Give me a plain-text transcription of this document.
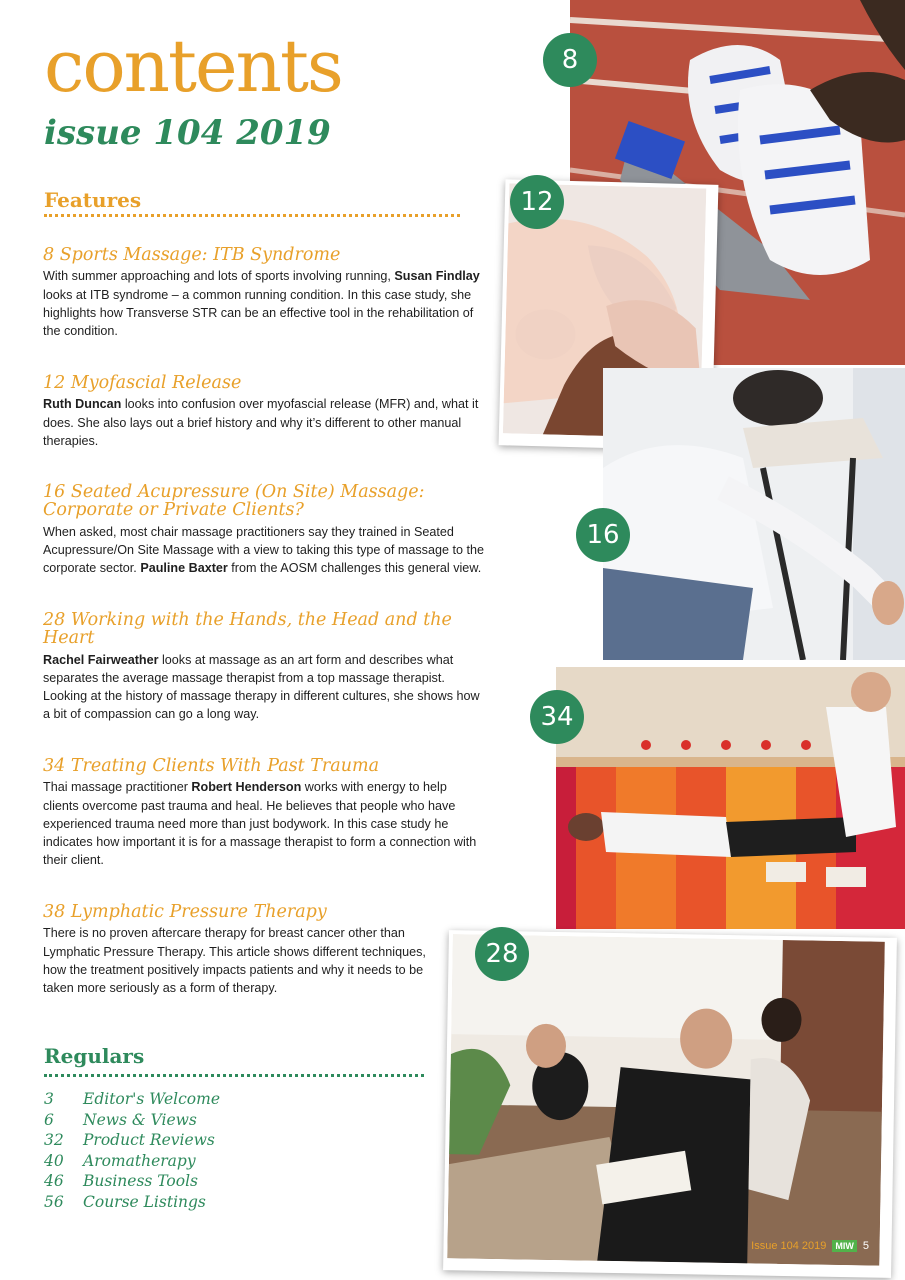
contents
issue 104 2019
Features
8 Sports Massage: ITB Syndrome

With summer approaching and lots of sports involving running, Susan Findlay looks at ITB syndrome – a common running condition. In this case study, she highlights how Transverse STR can be an effective tool in the rehabilitation of the condition.

12 Myofascial Release

Ruth Duncan looks into confusion over myofascial release (MFR) and, what it does. She also lays out a brief history and why it’s different to other manual therapies.

16 Seated Acupressure (On Site) Massage: Corporate or Private Clients?

When asked, most chair massage practitioners say they trained in Seated Acupressure/On Site Massage with a view to taking this type of massage to the corporate sector. Pauline Baxter from the AOSM challenges this general view.

28 Working with the Hands, the Head and the Heart

Rachel Fairweather looks at massage as an art form and describes what separates the average massage therapist from a top massage therapist. Looking at the history of massage therapy in different cultures, she shows how a bit of compassion can go a long way.

34 Treating Clients With Past Trauma

Thai massage practitioner Robert Henderson works with energy to help clients overcome past trauma and heal. He believes that people who have experienced trauma need more than just bodywork. In this case study he indicates how important it is for a massage therapist to form a connection with their client.

38 Lymphatic Pressure Therapy

There is no proven aftercare therapy for breast cancer other than Lymphatic Pressure Therapy. This article shows different techniques, how the treatment positively impacts patients and why it needs to be taken more seriously as a form of therapy.

Regulars
3 Editor's Welcome
6 News & Views
32 Product Reviews
40 Aromatherapy
46 Business Tools
56 Course Listings
8
12
16
34
28
Issue 104 2019 MIW 5
